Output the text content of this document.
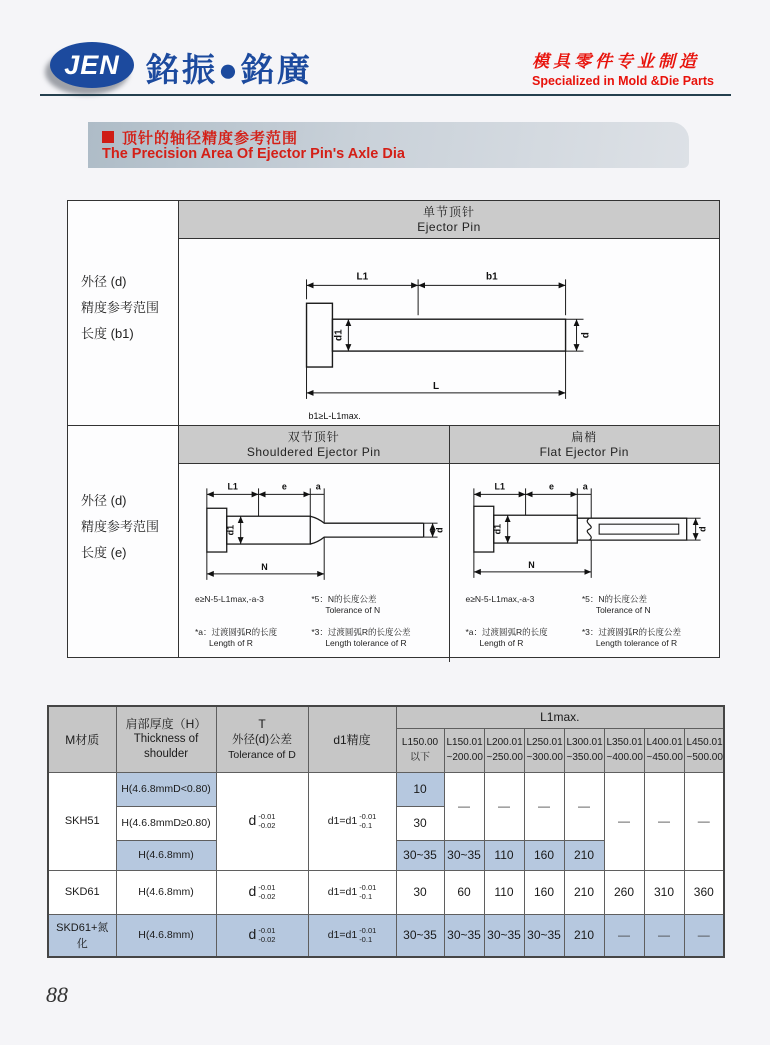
JEN 銘振●銘廣	模具零件专业制造
Specialized in Mold &Die Parts
顶针的轴径精度参考范围
The Precision Area Of Ejector Pin's Axle Dia
外径 (d)
精度参考范围
长度 (b1)
单节顶针
Ejector Pin
L1	b1
d1	d
L
b1≥L-L1max.
外径 (d)
精度参考范围
长度 (e)
双节顶针
Shouldered Ejector Pin
L1	e	a
d1	d
N
e≥N-5-L1max,-a-3	*5：N的长度公差
Tolerance of N
*a：过渡圆弧R的长度
Length of R
*3：过渡圆弧R的长度公差
Length tolerance of R
扁梢
Flat Ejector Pin
L1	e	a
d1	d
N
e≥N-5-L1max,-a-3	*5：N的长度公差
Tolerance of N
*a：过渡圆弧R的长度
Length of R
*3：过渡圆弧R的长度公差
Length tolerance of R
M材质	
肩部厚度（H）
Thickness of
shoulder

T
外径(d)公差
Tolerance of D
	d1精度	L1max.

L150.00
以下

L150.01
~200.00

L200.01
~250.00

L250.01
~300.00

L300.01
~350.00

L350.01
~400.00

L400.01
~450.00

L450.01
~500.00

SKH51	H(4.6.8mmD<0.80)	d -0.01
-0.02	d1=d1 -0.01
-0.1	10	—	—	—	—	—	—	—
	H(4.6.8mmD≥0.80)			30							
	H(4.6.8mm)			30~35	30~35	110	160	210			
SKD61	H(4.6.8mm)	d -0.01
-0.02	d1=d1 -0.01
-0.1	30	60	110	160	210	260	310	360
SKD61+氮化	H(4.6.8mm)	d -0.01
-0.02	d1=d1 -0.01
-0.1	30~35	30~35	30~35	30~35	210	—	—	—
88
